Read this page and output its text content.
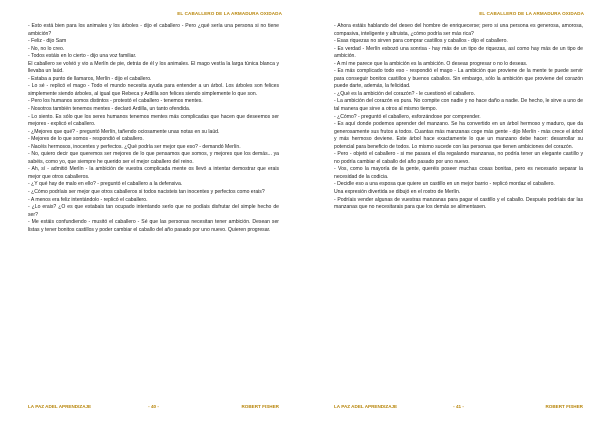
EL CABALLERO DE LA ARMADURA OXIDADA

- Esto está bien para los animales y los árboles - dijo el caballero - Pero ¿qué sería una persona si no tiene ambición?

- Feliz - dijo Sam

- No, no lo creo.

- Todos estáis en lo cierto - dijo una voz familiar.

El caballero se volvió y vio a Merlín de pie, detrás de él y los animales. El mago vestía la larga túnica blanca y llevaba un laúd.

- Estaba a punto de llamaros, Merlín - dijo el caballero.

- Lo sé - replicó el mago - Todo el mundo necesita ayuda para entender a un árbol. Los árboles son felices simplemente siendo árboles, al igual que Rebeca y Ardilla son felices siendo simplemente lo que son.

- Pero los humanos somos distintos - protestó el caballero - tenemos mentes.

- Nosotros también tenemos mentes - declaró Ardilla, un tanto ofendida.

- Lo siento. Es sólo que los seres humanos tenemos mentes más complicadas que hacen que deseemos ser mejores - explicó el caballero.

- ¿Mejores que qué? - preguntó Merlín, tañendo ociosamente unas notas en su laúd.

- Mejores de lo que somos - respondió el caballero.

- Nacéis hermosos, inocentes y perfectos. ¿Qué podría ser mejor que eso? - demandó Merlín.

- No, quiero decir que queremos ser mejores de lo que pensamos que somos, y mejores que los demás... ya sabéis, como yo, que siempre he querido ser el mejor caballero del reino.

- Ah, sí - admitió Merlín - la ambición de vuestra complicada mente os llevó a intentar demostrar que erais mejor que otros caballeros.

- ¿Y qué hay de malo en ello? - preguntó el caballero a la defensiva.

- ¿Cómo podríais ser mejor que otros caballeros si todos nacisteis tan inocentes y perfectos como erais?

- A menos era feliz intentándolo - replicó el caballero.

- ¿Lo erais? ¿O es que estabais tan ocupado intentando serlo que no podíais disfrutar del simple hecho de ser?

- Me estáis confundiendo - musitó el caballero - Sé que las personas necesitan tener ambición. Desean ser listas y tener bonitos castillos y poder cambiar el caballo del año pasado por uno nuevo. Quieren progresar.

LA PAZ ADEL APRENDIZAJE	- 40 -	ROBERT FISHER
EL CABALLERO DE LA ARMADURA OXIDADA

- Ahora estáis hablando del deseo del hombre de enriquecerse; pero si una persona es generosa, amorosa, compasiva, inteligente y altruista, ¿cómo podría ser más rica?

- Esas riquezas no sirven para comprar castillos y caballos - dijo el caballero.

- Es verdad - Merlín esbozó una sonrisa - hay más de un tipo de riquezas, así como hay más de un tipo de ambición.

- A mí me parece que la ambición es la ambición. O deseas progresar o no lo deseas.

- Es más complicado todo eso - respondió el mago - La ambición que proviene de la mente te puede servir para conseguir bonitos castillos y buenos caballos. Sin embargo, sólo la ambición que proviene del corazón puede darte, además, la felicidad.

- ¿Qué es la ambición del corazón? - le cuestionó el caballero.

- La ambición del corazón es pura. No compite con nadie y no hace daño a nadie. De hecho, le sirve a uno de tal manera que sirve a otros al mismo tiempo.

- ¿Cómo? - preguntó el caballero, esforzándose por comprender.

- Es aquí donde podemos aprender del manzano. Se ha convertido en un árbol hermoso y maduro, que da generosamente sus frutos a todos. Cuantas más manzanas coge más gente - dijo Merlín - más crece el árbol y más hermoso deviene. Este árbol hace exactamente lo que un manzano debe hacer: desarrollar su potencial para beneficio de todos. Lo mismo sucede con las personas que tienen ambiciones del corazón.

- Pero - objetó el caballero - si me pasara el día regalando manzanas, no podría tener un elegante castillo y no podría cambiar el caballo del año pasado por uno nuevo.

- Vos, como la mayoría de la gente, queréis poseer muchas cosas bonitas, pero es necesario separar la necesidad de la codicia.

- Decidle eso a una esposa que quiere un castillo en un mejor barrio - replicó mordaz el caballero.

Una expresión divertida se dibujó en el rostro de Merlín.

- Podríais vender algunas de vuestras manzanas para pagar el castillo y el caballo. Después podríais dar las manzanas que no necesitarais para que los demás se alimentasen.

LA PAZ ADEL APRENDIZAJE	- 41 -	ROBERT FISHER
